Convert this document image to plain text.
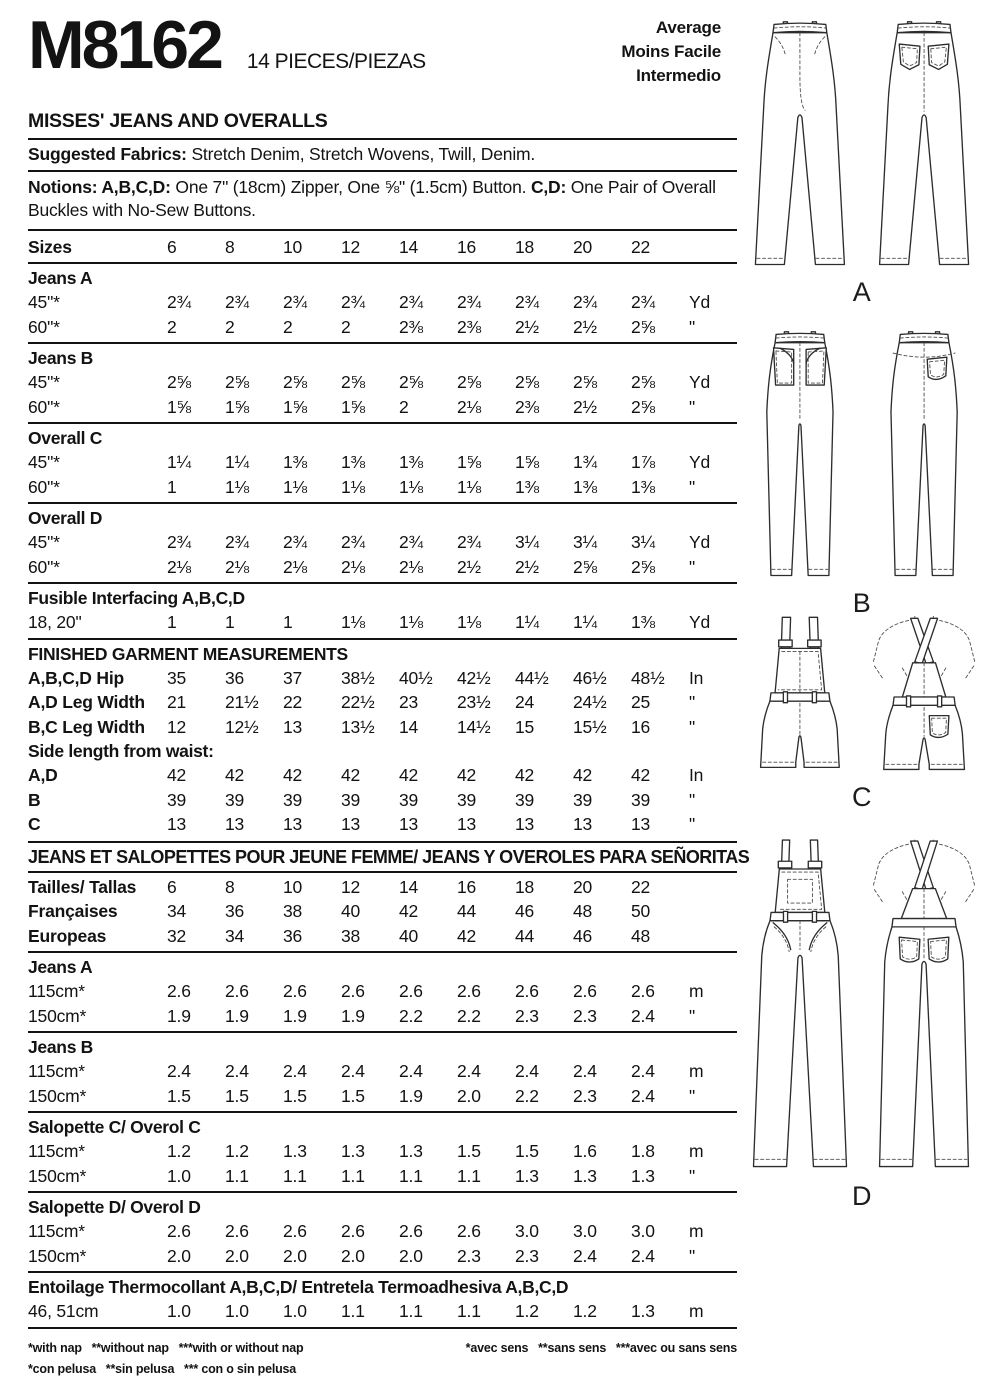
M8162 14 PIECES/PIEZAS
Average
Moins Facile
Intermedio
MISSES' JEANS AND OVERALLS
Suggested Fabrics: Stretch Denim, Stretch Wovens, Twill, Denim.
Notions: A,B,C,D: One 7" (18cm) Zipper, One ⅝" (1.5cm) Button. C,D: One Pair of Overall Buckles with No-Sew Buttons.
Sizes	6	8	10	12	14	16	18	20	22
Jeans A
45"*	2¾	2¾	2¾	2¾	2¾	2¾	2¾	2¾	2¾	Yd
60"*	2	2	2	2	2⅜	2⅜	2½	2½	2⅝	"
Jeans B
45"*	2⅝	2⅝	2⅝	2⅝	2⅝	2⅝	2⅝	2⅝	2⅝	Yd
60"*	1⅝	1⅝	1⅝	1⅝	2	2⅛	2⅜	2½	2⅝	"
Overall C
45"*	1¼	1¼	1⅜	1⅜	1⅜	1⅝	1⅝	1¾	1⅞	Yd
60"*	1	1⅛	1⅛	1⅛	1⅛	1⅛	1⅜	1⅜	1⅜	"
Overall D
45"*	2¾	2¾	2¾	2¾	2¾	2¾	3¼	3¼	3¼	Yd
60"*	2⅛	2⅛	2⅛	2⅛	2⅛	2½	2½	2⅝	2⅝	"
Fusible Interfacing A,B,C,D
18, 20"	1	1	1	1⅛	1⅛	1⅛	1¼	1¼	1⅜	Yd
FINISHED GARMENT MEASUREMENTS
A,B,C,D Hip	35	36	37	38½	40½	42½	44½	46½	48½	In
A,D Leg Width	21	21½	22	22½	23	23½	24	24½	25	"
B,C Leg Width	12	12½	13	13½	14	14½	15	15½	16	"
Side length from waist:
A,D	42	42	42	42	42	42	42	42	42	In
B	39	39	39	39	39	39	39	39	39	"
C	13	13	13	13	13	13	13	13	13	"
JEANS ET SALOPETTES POUR JEUNE FEMME/ JEANS Y OVEROLES PARA SEÑORITAS
Tailles/ Tallas	6	8	10	12	14	16	18	20	22
Françaises	34	36	38	40	42	44	46	48	50
Europeas	32	34	36	38	40	42	44	46	48
Jeans A
115cm*	2.6	2.6	2.6	2.6	2.6	2.6	2.6	2.6	2.6	m
150cm*	1.9	1.9	1.9	1.9	2.2	2.2	2.3	2.3	2.4	"
Jeans B
115cm*	2.4	2.4	2.4	2.4	2.4	2.4	2.4	2.4	2.4	m
150cm*	1.5	1.5	1.5	1.5	1.9	2.0	2.2	2.3	2.4	"
Salopette C/ Overol C
115cm*	1.2	1.2	1.3	1.3	1.3	1.5	1.5	1.6	1.8	m
150cm*	1.0	1.1	1.1	1.1	1.1	1.1	1.3	1.3	1.3	"
Salopette D/ Overol D
115cm*	2.6	2.6	2.6	2.6	2.6	2.6	3.0	3.0	3.0	m
150cm*	2.0	2.0	2.0	2.0	2.0	2.3	2.3	2.4	2.4	"
Entoilage Thermocollant A,B,C,D/ Entretela Termoadhesiva A,B,C,D
46, 51cm	1.0	1.0	1.0	1.1	1.1	1.1	1.2	1.2	1.3	m
*with nap   **without nap   ***with or without nap
*con pelusa   **sin pelusa   *** con o sin pelusa
*avec sens   **sans sens   ***avec ou sans sens
A
B
C
D
